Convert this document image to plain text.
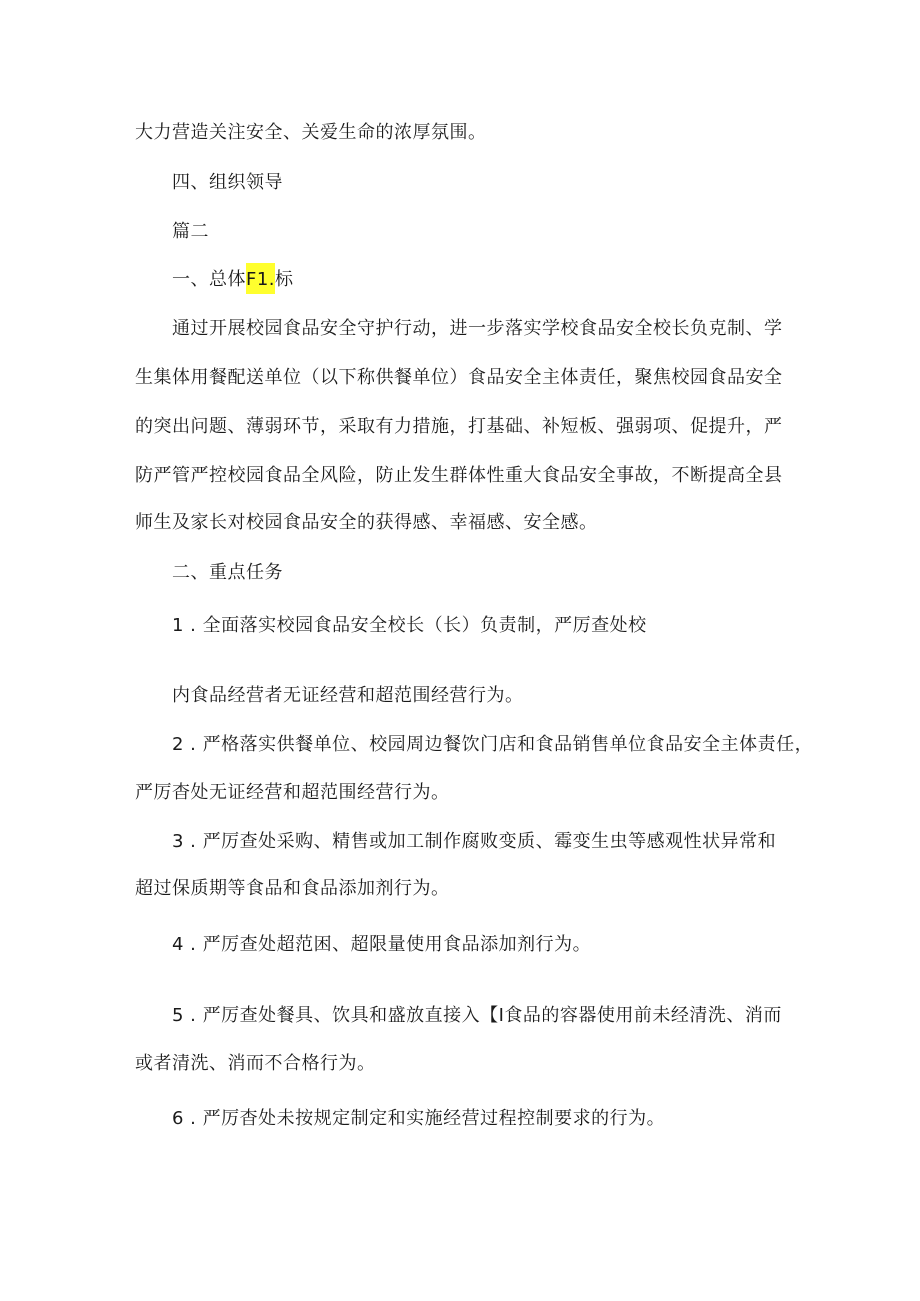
大力营造关注安全、关爱生命的浓厚氛围。
四、组织领导
篇二
一、总体F1.标
通过开展校园食品安全守护行动，进一步落实学校食品安全校长负克制、学
生集体用餐配送单位（以下称供餐单位）食品安全主体责任，聚焦校园食品安全
的突出问题、薄弱环节，采取有力措施，打基础、补短板、强弱项、促提升，严
防严管严控校园食品全风险，防止发生群体性重大食品安全事故，不断提高全县
师生及家长对校园食品安全的获得感、幸福感、安全感。
二、重点任务
1 . 全面落实校园食品安全校长（长）负责制，严厉查处校
内食品经营者无证经营和超范围经营行为。
2 . 严格落实供餐单位、校园周边餐饮门店和食品销售单位食品安全主体责任，
严厉杳处无证经营和超范围经营行为。
3 . 严厉查处采购、精售或加工制作腐败变质、霉变生虫等感观性状异常和
超过保质期等食品和食品添加剂行为。
4 . 严厉查处超范困、超限量使用食品添加剂行为。
5 . 严厉查处餐具、饮具和盛放直接入【I食品的容器使用前未经清洗、消而
或者清洗、消而不合格行为。
6 . 严厉杳处未按规定制定和实施经营过程控制要求的行为。
